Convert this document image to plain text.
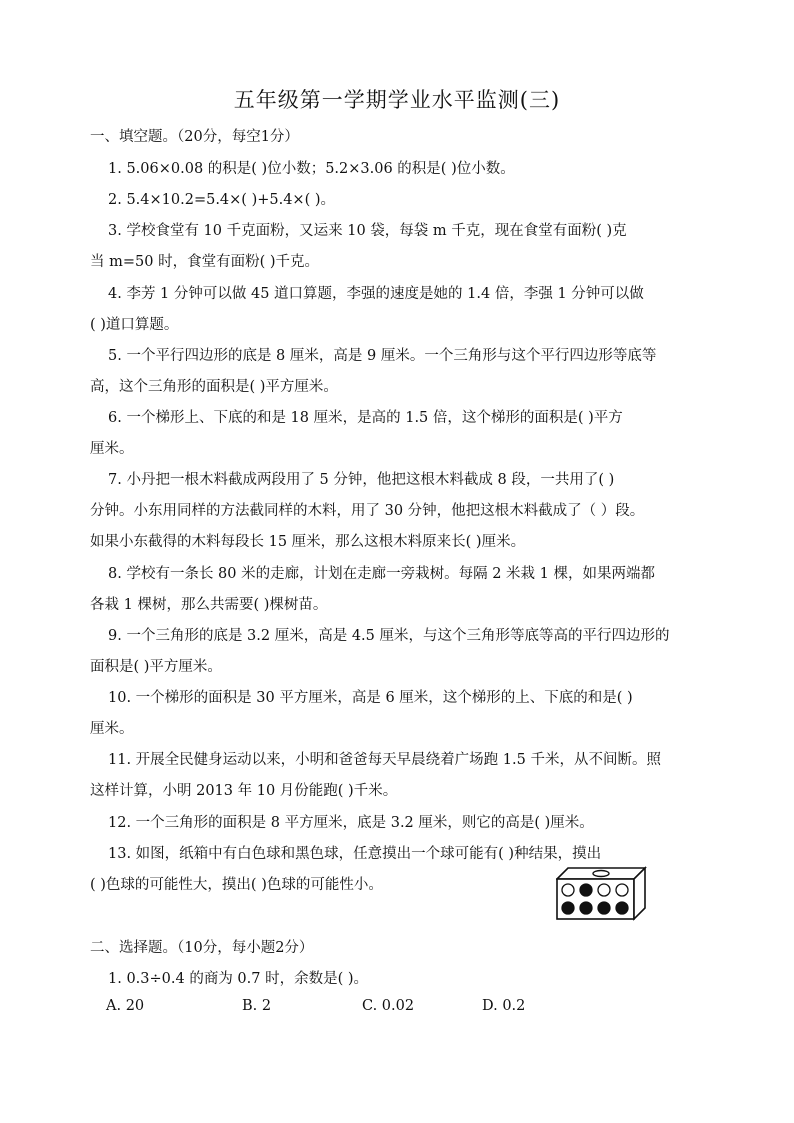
五年级第一学期学业水平监测(三)
一、填空题。（20分，每空1分）
1. 5.06×0.08 的积是( )位小数；5.2×3.06 的积是( )位小数。
2. 5.4×10.2=5.4×( )+5.4×( )。
3. 学校食堂有 10 千克面粉，又运来 10 袋，每袋 m 千克，现在食堂有面粉( )克
当 m=50 时，食堂有面粉( )千克。
4. 李芳 1 分钟可以做 45 道口算题，李强的速度是她的 1.4 倍，李强 1 分钟可以做
( )道口算题。
5. 一个平行四边形的底是 8 厘米，高是 9 厘米。一个三角形与这个平行四边形等底等
高，这个三角形的面积是( )平方厘米。
6. 一个梯形上、下底的和是 18 厘米，是高的 1.5 倍，这个梯形的面积是( )平方
厘米。
7. 小丹把一根木料截成两段用了 5 分钟，他把这根木料截成 8 段，一共用了( )
分钟。小东用同样的方法截同样的木料，用了 30 分钟，他把这根木料截成了（ ）段。
如果小东截得的木料每段长 15 厘米，那么这根木料原来长( )厘米。
8. 学校有一条长 80 米的走廊，计划在走廊一旁栽树。每隔 2 米栽 1 棵，如果两端都
各栽 1 棵树，那么共需要( )棵树苗。
9. 一个三角形的底是 3.2 厘米，高是 4.5 厘米，与这个三角形等底等高的平行四边形的
面积是( )平方厘米。
10. 一个梯形的面积是 30 平方厘米，高是 6 厘米，这个梯形的上、下底的和是( )
厘米。
11. 开展全民健身运动以来，小明和爸爸每天早晨绕着广场跑 1.5 千米，从不间断。照
这样计算，小明 2013 年 10 月份能跑( )千米。
12. 一个三角形的面积是 8 平方厘米，底是 3.2 厘米，则它的高是( )厘米。
13. 如图，纸箱中有白色球和黑色球，任意摸出一个球可能有( )种结果，摸出
( )色球的可能性大，摸出( )色球的可能性小。
二、选择题。（10分，每小题2分）
1. 0.3÷0.4 的商为 0.7 时，余数是( )。
A. 20	B. 2	C. 0.02	D. 0.2
